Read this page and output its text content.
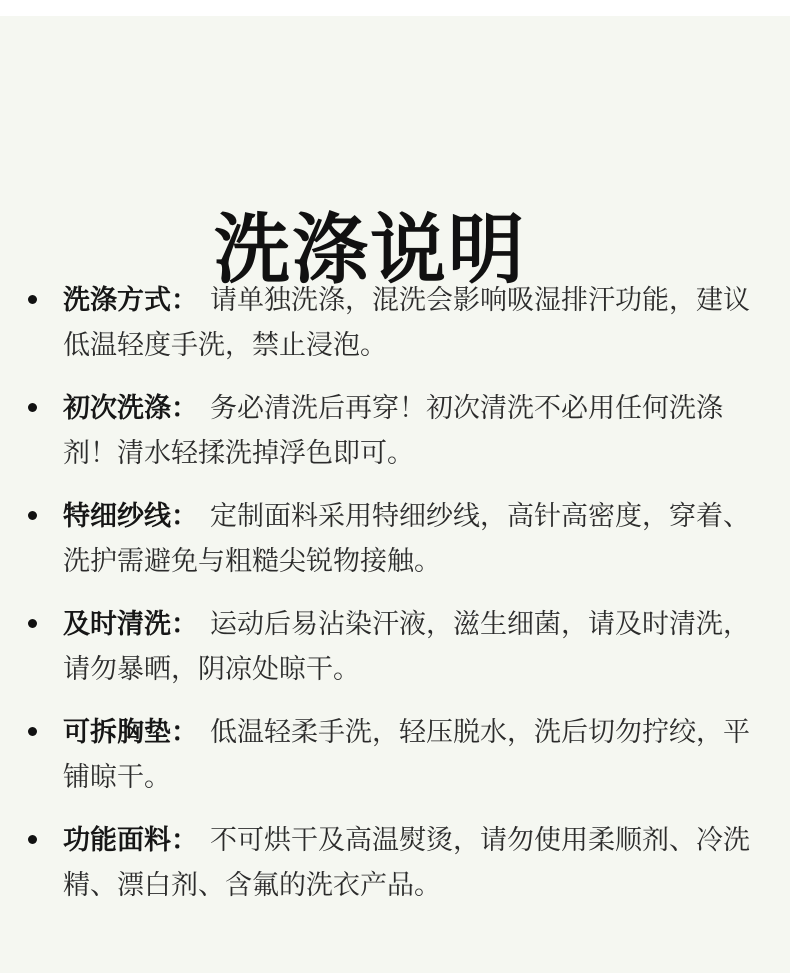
洗涤说明
洗涤方式： 请单独洗涤，混洗会影响吸湿排汗功能，建议低温轻度手洗，禁止浸泡。
初次洗涤： 务必清洗后再穿！初次清洗不必用任何洗涤剂！清水轻揉洗掉浮色即可。
特细纱线： 定制面料采用特细纱线，高针高密度，穿着、洗护需避免与粗糙尖锐物接触。
及时清洗： 运动后易沾染汗液，滋生细菌，请及时清洗，请勿暴晒，阴凉处晾干。
可拆胸垫： 低温轻柔手洗，轻压脱水，洗后切勿拧绞，平铺晾干。
功能面料： 不可烘干及高温熨烫，请勿使用柔顺剂、冷洗精、漂白剂、含氟的洗衣产品。
